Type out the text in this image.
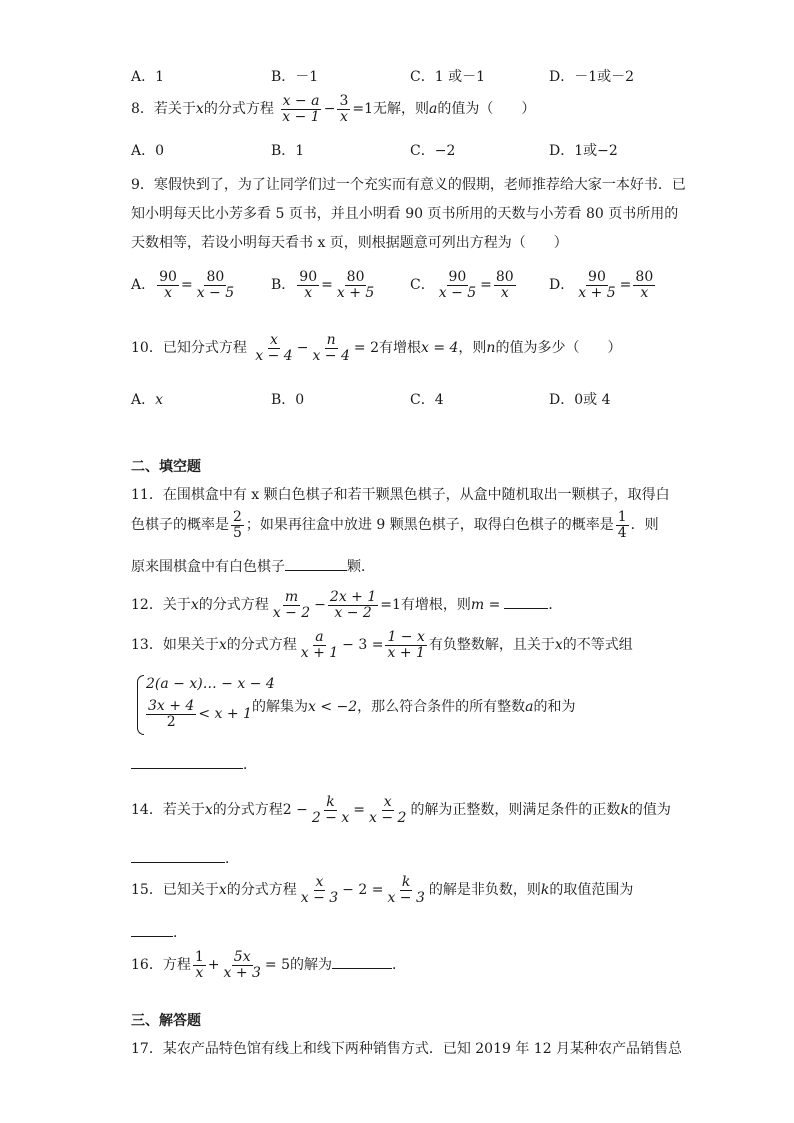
A．1	B．－1	C．1 或－1	D．－1或－2
8．若关于x的分式方程 $\frac{x - a}{x - 1} - \frac{3}{x} =1$无解，则a的值为（　　）
A．0	B．1	C．−2	D．1或−2
9．寒假快到了，为了让同学们过一个充实而有意义的假期，老师推荐给大家一本好书．已
知小明每天比小芳多看 5 页书，并且小明看 90 页书所用的天数与小芳看 80 页书所用的
天数相等，若设小明每天看书 x 页，则根据题意可列出方程为（　　）
A． $\frac{90}{x} = \frac{80}{x - 5}$ B． $\frac{90}{x} = \frac{80}{x + 5}$ C． $\frac{90}{x - 5} = \frac{80}{x}$ D． $\frac{90}{x + 5} = \frac{80}{x}$
10．已知分式方程 $\frac{x}{x - 4} - \frac{n}{x - 4} = 2$有增根x = 4，则n的值为多少（　　）
A．x	B．0	C．4	D．0或 4
二、填空题
11．在围棋盒中有 x 颗白色棋子和若干颗黑色棋子，从盒中随机取出一颗棋子，取得白
色棋子的概率是 $\frac{2}{5}$ ；如果再往盒中放进 9 颗黑色棋子，取得白色棋子的概率是 $\frac{1}{4}$ ．则
原来围棋盒中有白色棋子	颗．
12．关于x的分式方程 $\frac{m}{x - 2} - \frac{2x + 1}{x - 2} =1$有增根，则m =	．
13．如果关于x的分式方程 $\frac{a}{x + 1} - 3 = \frac{1 - x}{x + 1}$ 有负整数解，且关于x的不等式组
2(a − x)… − x − 4
$\frac{3x + 4}{2} < x + 1$ 的解集为x < −2，那么符合条件的所有整数a的和为
．
14．若关于x的分式方程$2 - \frac{k}{2 - x} = \frac{x}{x - 2}$ 的解为正整数，则满足条件的正数k的值为
．
15．已知关于x的分式方程 $\frac{x}{x - 3} - 2 = \frac{k}{x - 3}$ 的解是非负数，则k的取值范围为
．
16．方程 $\frac{1}{x} + \frac{5x}{x + 3} = 5$的解为	．
三、解答题
17．某农产品特色馆有线上和线下两种销售方式．已知 2019 年 12 月某种农产品销售总
